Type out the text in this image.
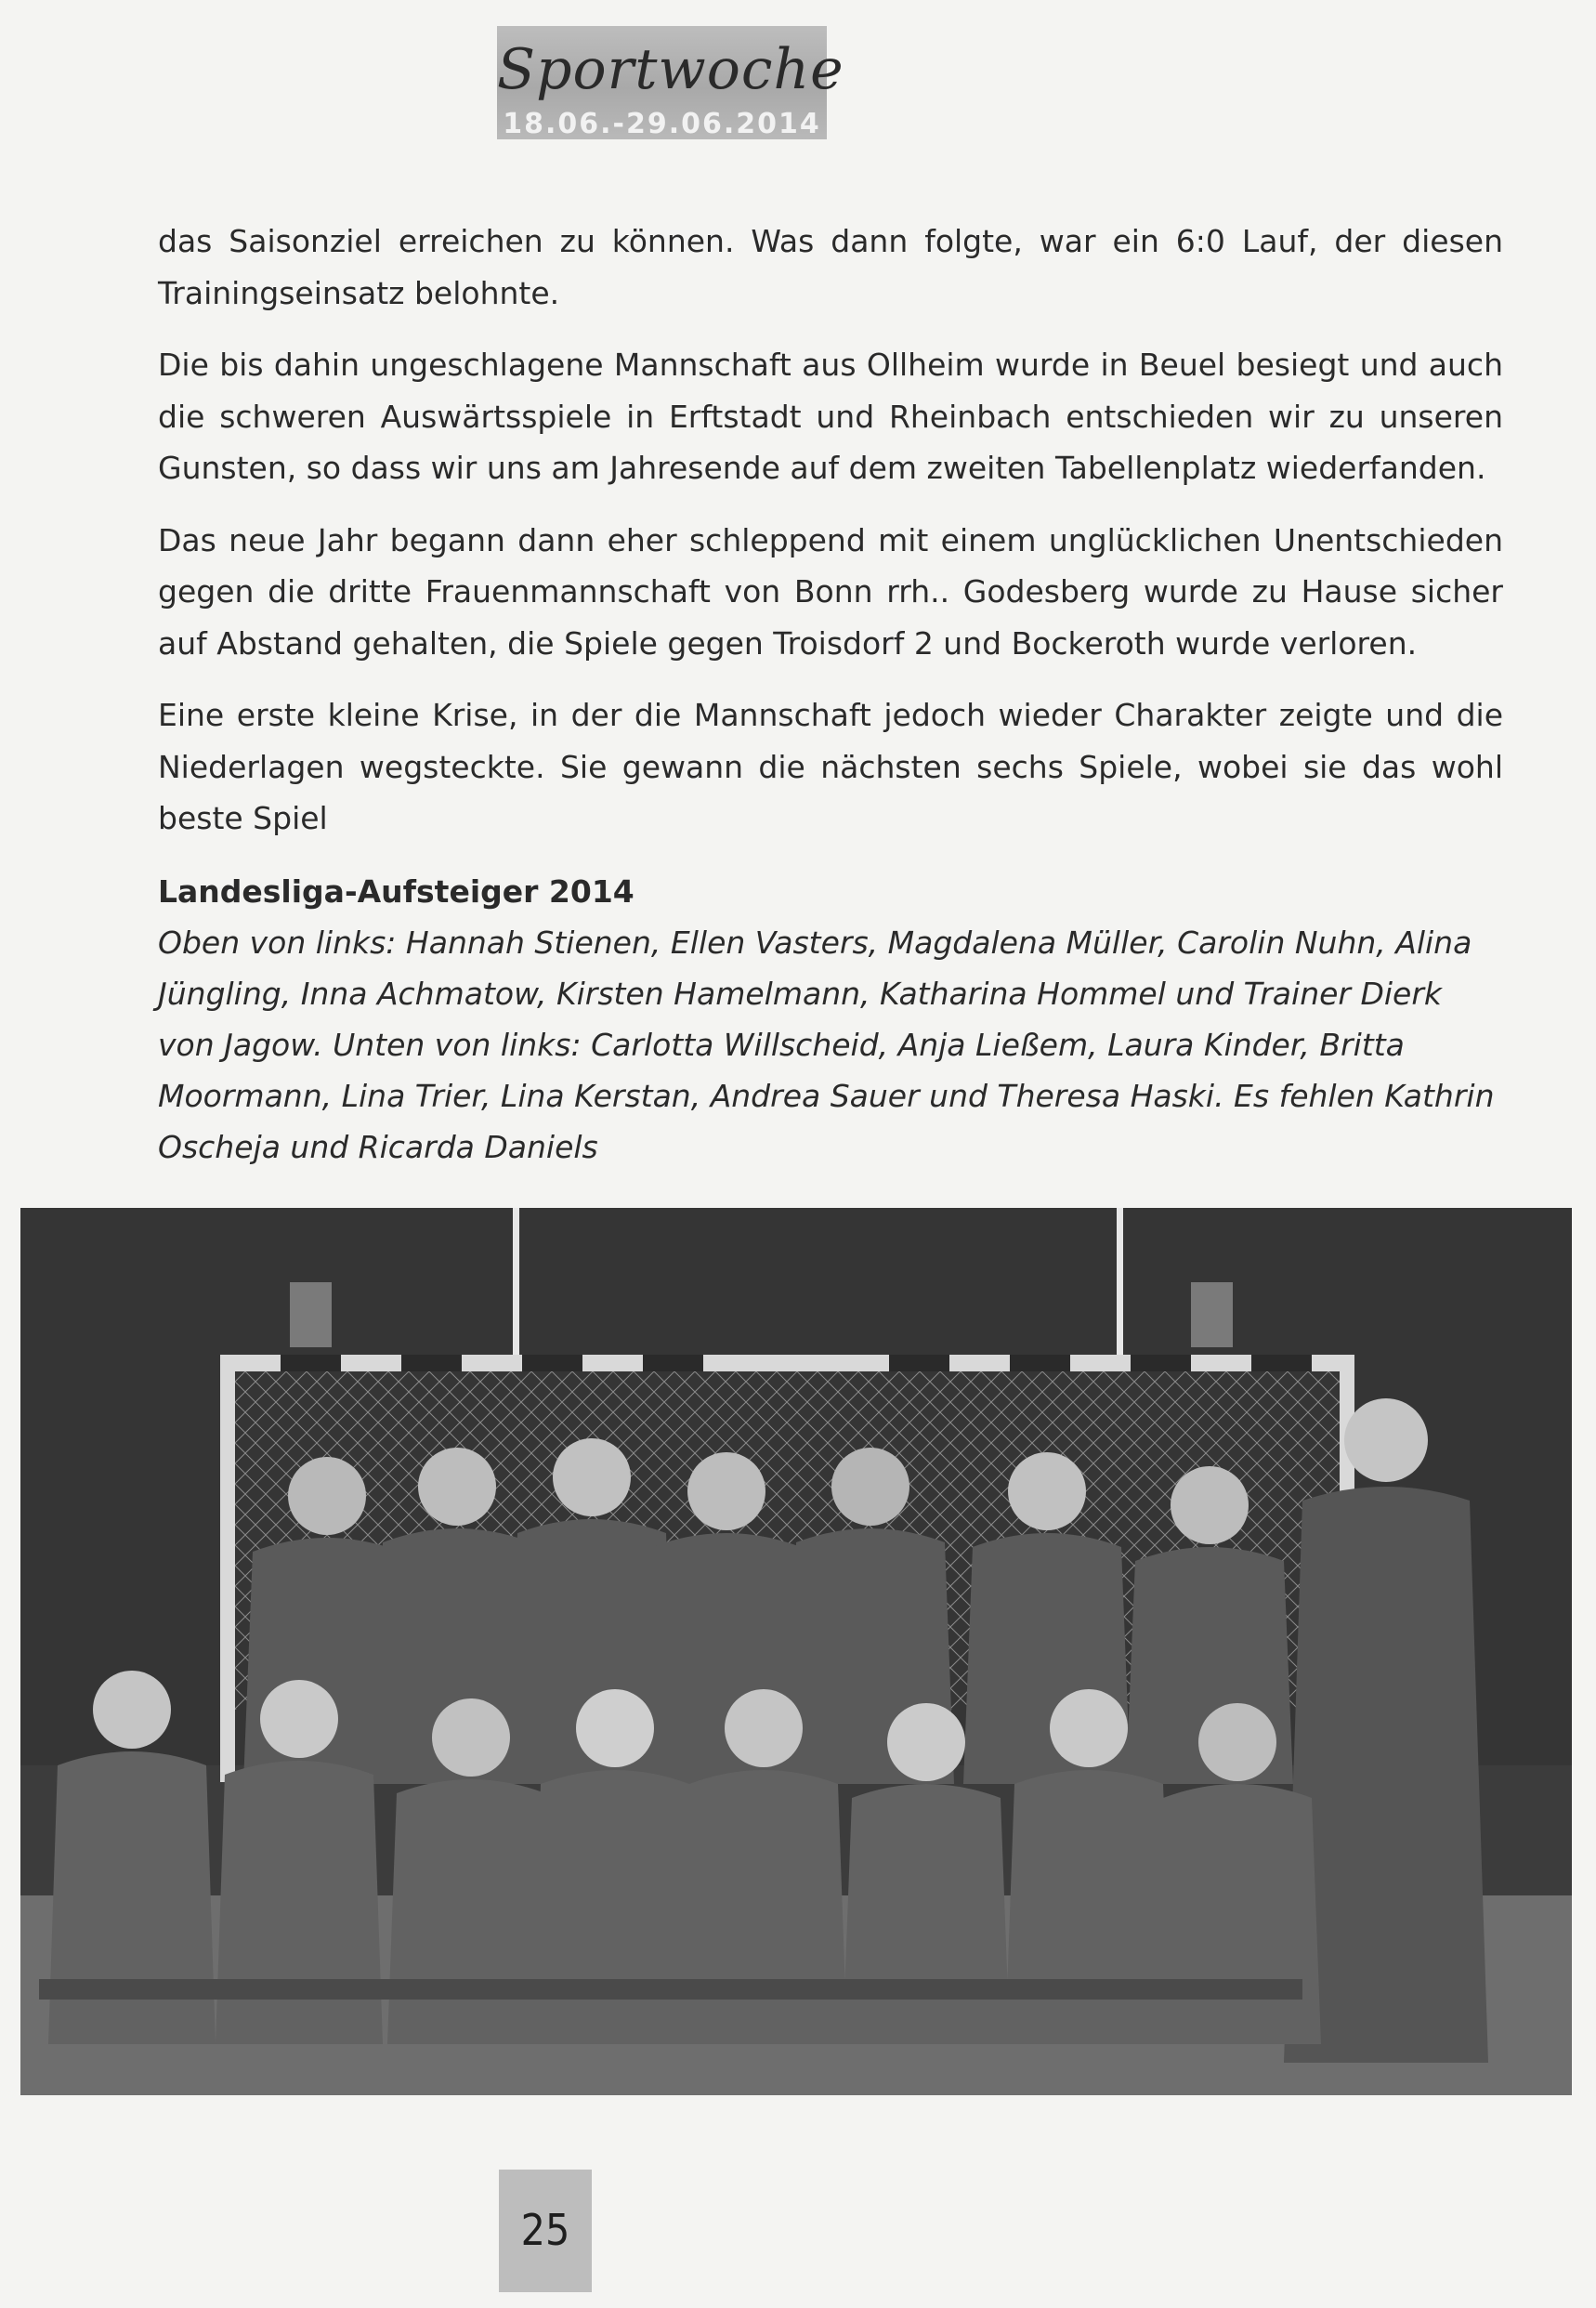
Sportwoche
18.06.-29.06.2014

das Saisonziel erreichen zu können. Was dann folgte, war ein 6:0 Lauf, der diesen Trainingseinsatz belohnte.

Die bis dahin ungeschlagene Mannschaft aus Ollheim wurde in Beuel besiegt und auch die schweren Auswärtsspiele in Erftstadt und Rheinbach entschieden wir zu unseren Gunsten, so dass wir uns am Jahresende auf dem zweiten Tabellenplatz wiederfanden.

Das neue Jahr begann dann eher schleppend mit einem unglücklichen Unentschieden gegen die dritte Frauenmannschaft von Bonn rrh.. Godesberg wurde zu Hause sicher auf Abstand gehalten, die Spiele gegen Troisdorf 2 und Bockeroth wurde verloren.

Eine erste kleine Krise, in der die Mannschaft jedoch wieder Charakter zeigte und die Niederlagen wegsteckte. Sie gewann die nächsten sechs Spiele, wobei sie das wohl beste Spiel

Landesliga-Aufsteiger 2014

Oben von links: Hannah Stienen, Ellen Vasters, Magdalena Müller, Carolin Nuhn, Alina Jüngling, Inna Achmatow, Kirsten Hamelmann, Katharina Hommel und Trainer Dierk von Jagow. Unten von links: Carlotta Willscheid, Anja Ließem, Laura Kinder, Britta Moormann, Lina Trier, Lina Kerstan, Andrea Sauer und Theresa Haski. Es fehlen Kathrin Oscheja und Ricarda Daniels

25
